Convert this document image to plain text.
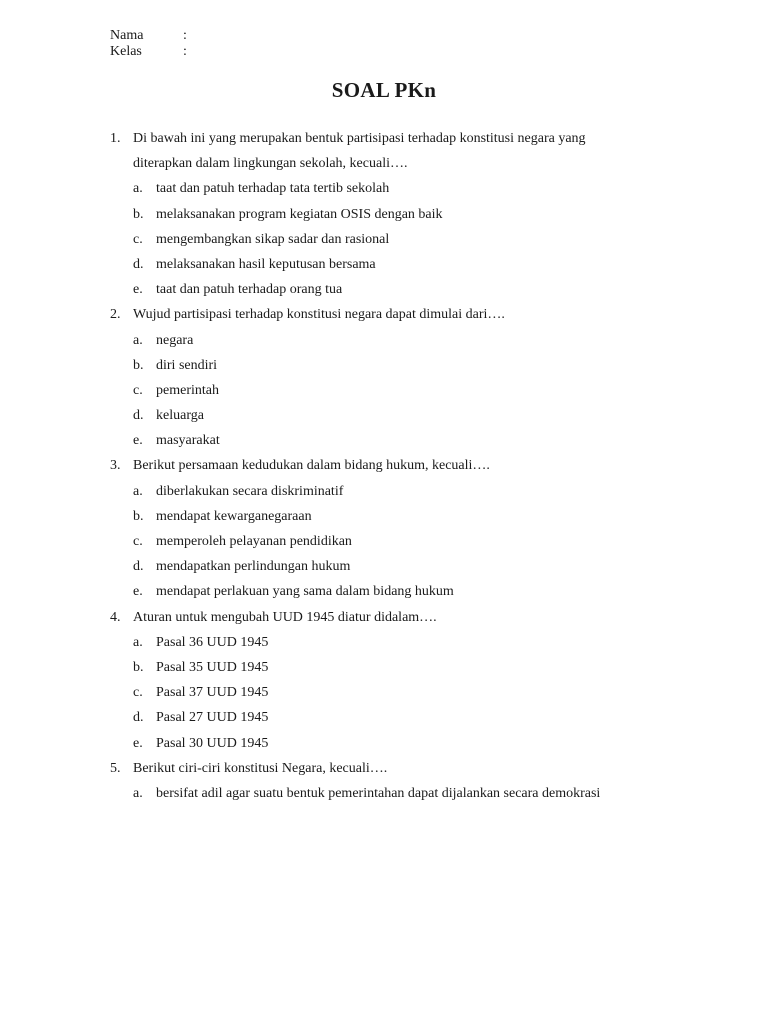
Nama	:
Kelas	:
SOAL PKn
1. Di bawah ini yang merupakan bentuk partisipasi terhadap konstitusi negara yang
diterapkan dalam lingkungan sekolah, kecuali….
a. taat dan patuh terhadap tata tertib sekolah
b. melaksanakan program kegiatan OSIS dengan baik
c. mengembangkan sikap sadar dan rasional
d. melaksanakan hasil keputusan bersama
e. taat dan patuh terhadap orang tua
2. Wujud partisipasi terhadap konstitusi negara dapat dimulai dari….
a. negara
b. diri sendiri
c. pemerintah
d. keluarga
e. masyarakat
3. Berikut persamaan kedudukan dalam bidang hukum, kecuali….
a. diberlakukan secara diskriminatif
b. mendapat kewarganegaraan
c. memperoleh pelayanan pendidikan
d. mendapatkan perlindungan hukum
e. mendapat perlakuan yang sama dalam bidang hukum
4. Aturan untuk mengubah UUD 1945 diatur didalam….
a. Pasal 36 UUD 1945
b. Pasal 35 UUD 1945
c. Pasal 37 UUD 1945
d. Pasal 27 UUD 1945
e. Pasal 30 UUD 1945
5. Berikut ciri-ciri konstitusi Negara, kecuali….
a. bersifat adil agar suatu bentuk pemerintahan dapat dijalankan secara demokrasi
